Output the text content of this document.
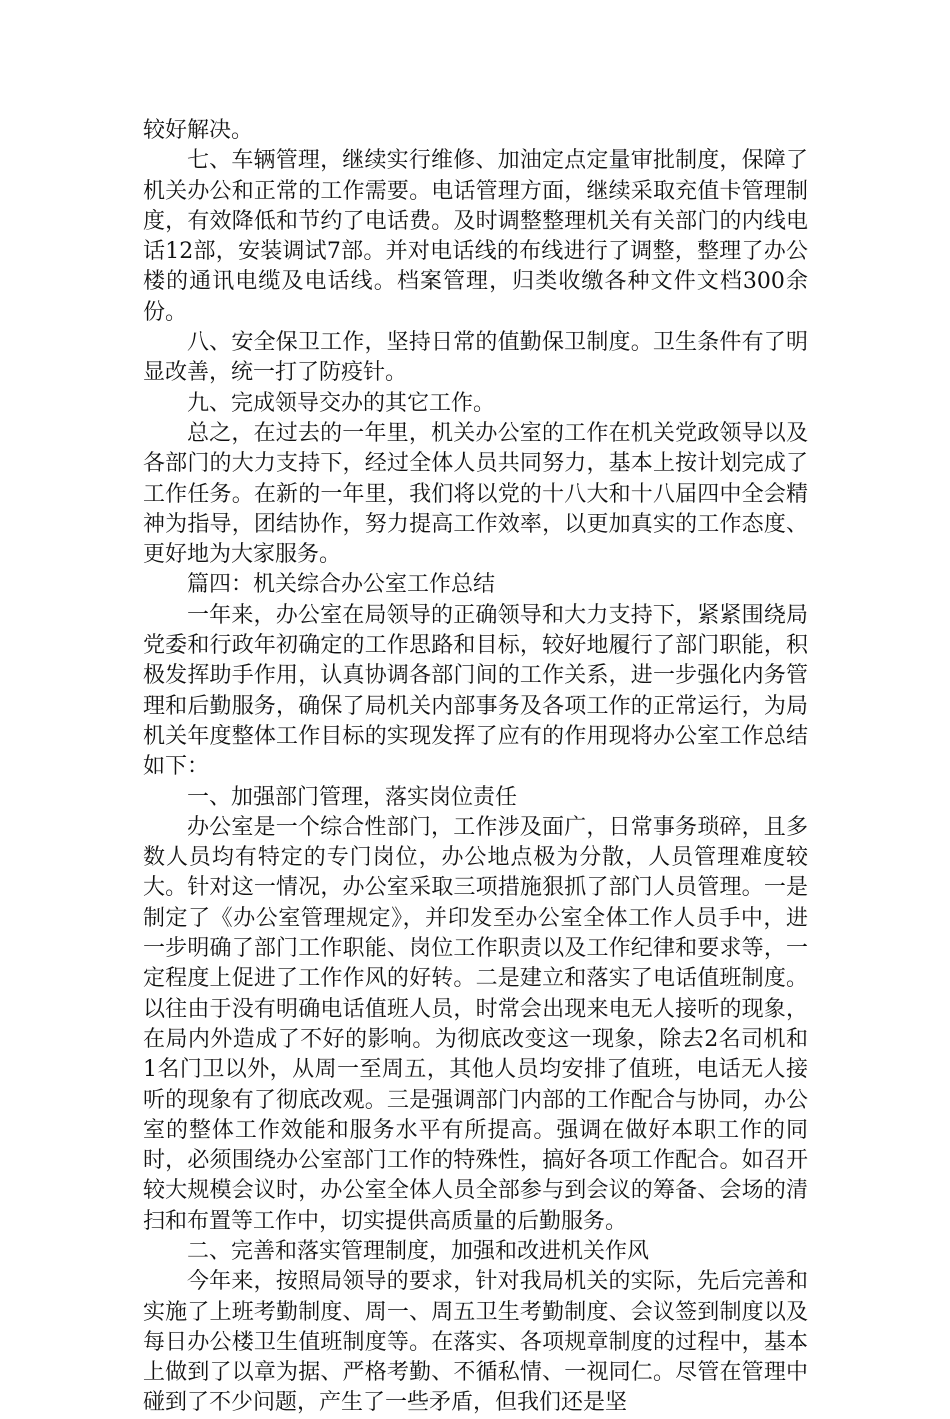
较好解决。

七、车辆管理，继续实行维修、加油定点定量审批制度，保障了机关办公和正常的工作需要。电话管理方面，继续采取充值卡管理制度，有效降低和节约了电话费。及时调整整理机关有关部门的内线电话12部，安装调试7部。并对电话线的布线进行了调整，整理了办公楼的通讯电缆及电话线。档案管理，归类收缴各种文件文档300余份。

八、安全保卫工作，坚持日常的值勤保卫制度。卫生条件有了明显改善，统一打了防疫针。

九、完成领导交办的其它工作。

总之，在过去的一年里，机关办公室的工作在机关党政领导以及各部门的大力支持下，经过全体人员共同努力，基本上按计划完成了工作任务。在新的一年里，我们将以党的十八大和十八届四中全会精神为指导，团结协作，努力提高工作效率，以更加真实的工作态度、更好地为大家服务。

篇四：机关综合办公室工作总结

一年来，办公室在局领导的正确领导和大力支持下，紧紧围绕局党委和行政年初确定的工作思路和目标，较好地履行了部门职能，积极发挥助手作用，认真协调各部门间的工作关系，进一步强化内务管理和后勤服务，确保了局机关内部事务及各项工作的正常运行，为局机关年度整体工作目标的实现发挥了应有的作用现将办公室工作总结如下：

一、加强部门管理，落实岗位责任

办公室是一个综合性部门，工作涉及面广，日常事务琐碎，且多数人员均有特定的专门岗位，办公地点极为分散，人员管理难度较大。针对这一情况，办公室采取三项措施狠抓了部门人员管理。一是制定了《办公室管理规定》，并印发至办公室全体工作人员手中，进一步明确了部门工作职能、岗位工作职责以及工作纪律和要求等，一定程度上促进了工作作风的好转。二是建立和落实了电话值班制度。以往由于没有明确电话值班人员，时常会出现来电无人接听的现象，在局内外造成了不好的影响。为彻底改变这一现象，除去2名司机和1名门卫以外，从周一至周五，其他人员均安排了值班，电话无人接听的现象有了彻底改观。三是强调部门内部的工作配合与协同，办公室的整体工作效能和服务水平有所提高。强调在做好本职工作的同时，必须围绕办公室部门工作的特殊性，搞好各项工作配合。如召开较大规模会议时，办公室全体人员全部参与到会议的筹备、会场的清扫和布置等工作中，切实提供高质量的后勤服务。

二、完善和落实管理制度，加强和改进机关作风

今年来，按照局领导的要求，针对我局机关的实际，先后完善和实施了上班考勤制度、周一、周五卫生考勤制度、会议签到制度以及每日办公楼卫生值班制度等。在落实、各项规章制度的过程中，基本上做到了以章为据、严格考勤、不循私情、一视同仁。尽管在管理中碰到了不少问题，产生了一些矛盾，但我们还是坚
